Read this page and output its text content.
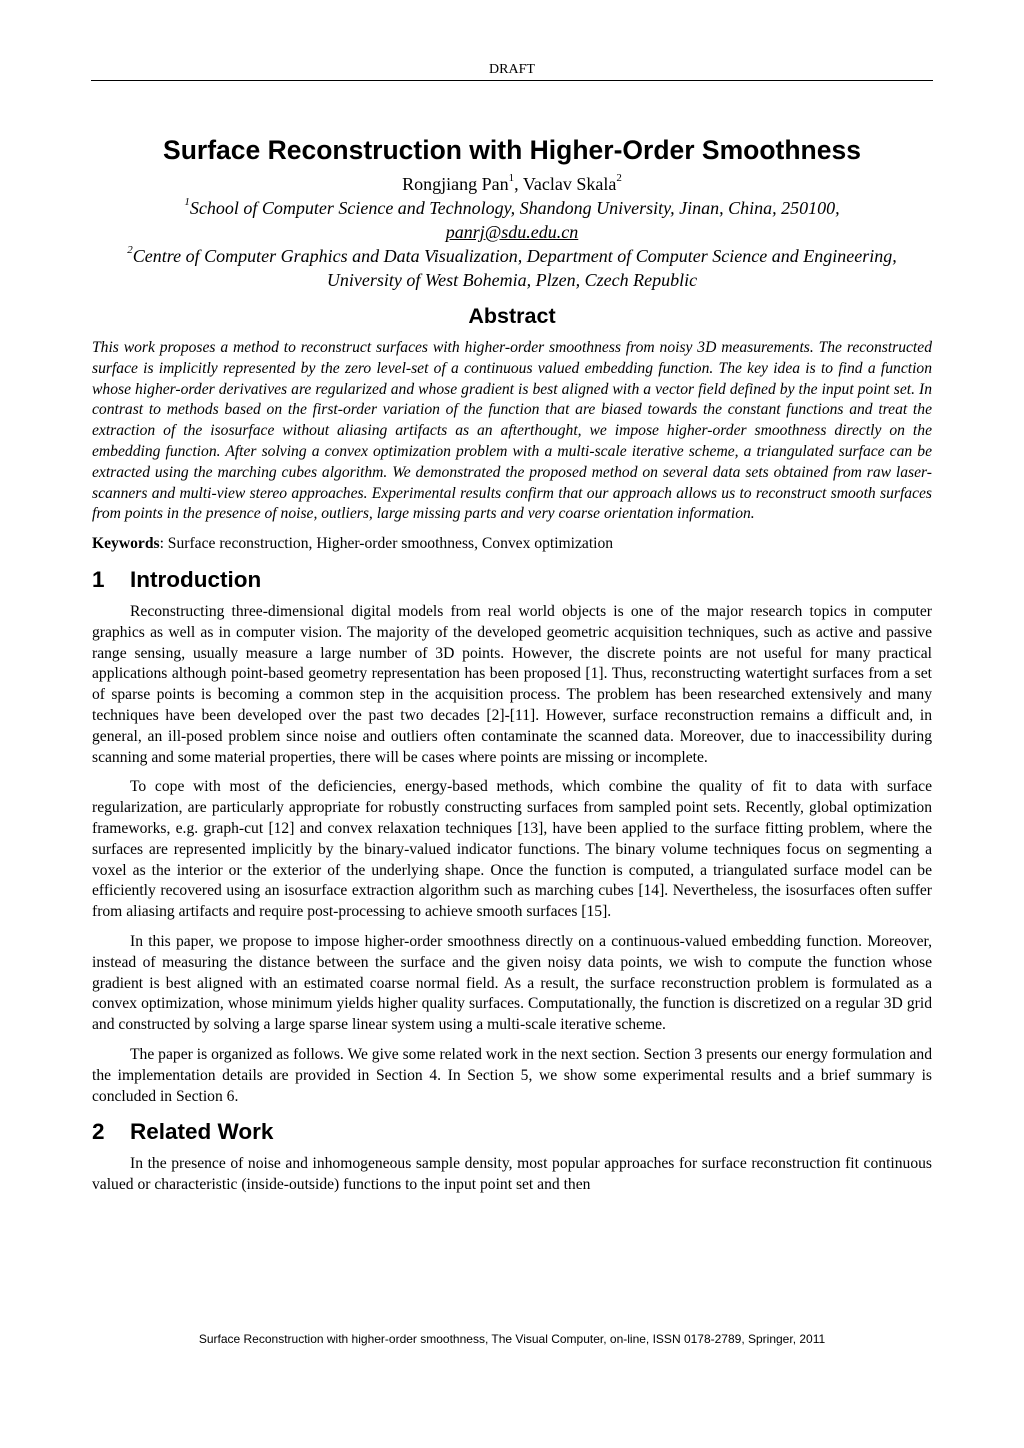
DRAFT
Surface Reconstruction with Higher-Order Smoothness
Rongjiang Pan$^1$, Vaclav Skala$^2$
$^1$School of Computer Science and Technology, Shandong University, Jinan, China, 250100,
panrj@sdu.edu.cn
$^2$Centre of Computer Graphics and Data Visualization, Department of Computer Science and Engineering, University of West Bohemia, Plzen, Czech Republic
Abstract
This work proposes a method to reconstruct surfaces with higher-order smoothness from noisy 3D measurements. The reconstructed surface is implicitly represented by the zero level-set of a continuous valued embedding function. The key idea is to find a function whose higher-order derivatives are regularized and whose gradient is best aligned with a vector field defined by the input point set. In contrast to methods based on the first-order variation of the function that are biased towards the constant functions and treat the extraction of the isosurface without aliasing artifacts as an afterthought, we impose higher-order smoothness directly on the embedding function. After solving a convex optimization problem with a multi-scale iterative scheme, a triangulated surface can be extracted using the marching cubes algorithm. We demonstrated the proposed method on several data sets obtained from raw laser-scanners and multi-view stereo approaches. Experimental results confirm that our approach allows us to reconstruct smooth surfaces from points in the presence of noise, outliers, large missing parts and very coarse orientation information.
Keywords: Surface reconstruction, Higher-order smoothness, Convex optimization
1 Introduction

Reconstructing three-dimensional digital models from real world objects is one of the major research topics in computer graphics as well as in computer vision. The majority of the developed geometric acquisition techniques, such as active and passive range sensing, usually measure a large number of 3D points. However, the discrete points are not useful for many practical applications although point-based geometry representation has been proposed [1]. Thus, reconstructing watertight surfaces from a set of sparse points is becoming a common step in the acquisition process. The problem has been researched extensively and many techniques have been developed over the past two decades [2]-[11]. However, surface reconstruction remains a difficult and, in general, an ill-posed problem since noise and outliers often contaminate the scanned data. Moreover, due to inaccessibility during scanning and some material properties, there will be cases where points are missing or incomplete.

To cope with most of the deficiencies, energy-based methods, which combine the quality of fit to data with surface regularization, are particularly appropriate for robustly constructing surfaces from sampled point sets. Recently, global optimization frameworks, e.g. graph-cut [12] and convex relaxation techniques [13], have been applied to the surface fitting problem, where the surfaces are represented implicitly by the binary-valued indicator functions. The binary volume techniques focus on segmenting a voxel as the interior or the exterior of the underlying shape. Once the function is computed, a triangulated surface model can be efficiently recovered using an isosurface extraction algorithm such as marching cubes [14]. Nevertheless, the isosurfaces often suffer from aliasing artifacts and require post-processing to achieve smooth surfaces [15].

In this paper, we propose to impose higher-order smoothness directly on a continuous-valued embedding function. Moreover, instead of measuring the distance between the surface and the given noisy data points, we wish to compute the function whose gradient is best aligned with an estimated coarse normal field. As a result, the surface reconstruction problem is formulated as a convex optimization, whose minimum yields higher quality surfaces. Computationally, the function is discretized on a regular 3D grid and constructed by solving a large sparse linear system using a multi-scale iterative scheme.

The paper is organized as follows. We give some related work in the next section. Section 3 presents our energy formulation and the implementation details are provided in Section 4. In Section 5, we show some experimental results and a brief summary is concluded in Section 6.

2 Related Work

In the presence of noise and inhomogeneous sample density, most popular approaches for surface reconstruction fit continuous valued or characteristic (inside-outside) functions to the input point set and then

Surface Reconstruction with higher-order smoothness, The Visual Computer, on-line, ISSN 0178-2789, Springer, 2011
